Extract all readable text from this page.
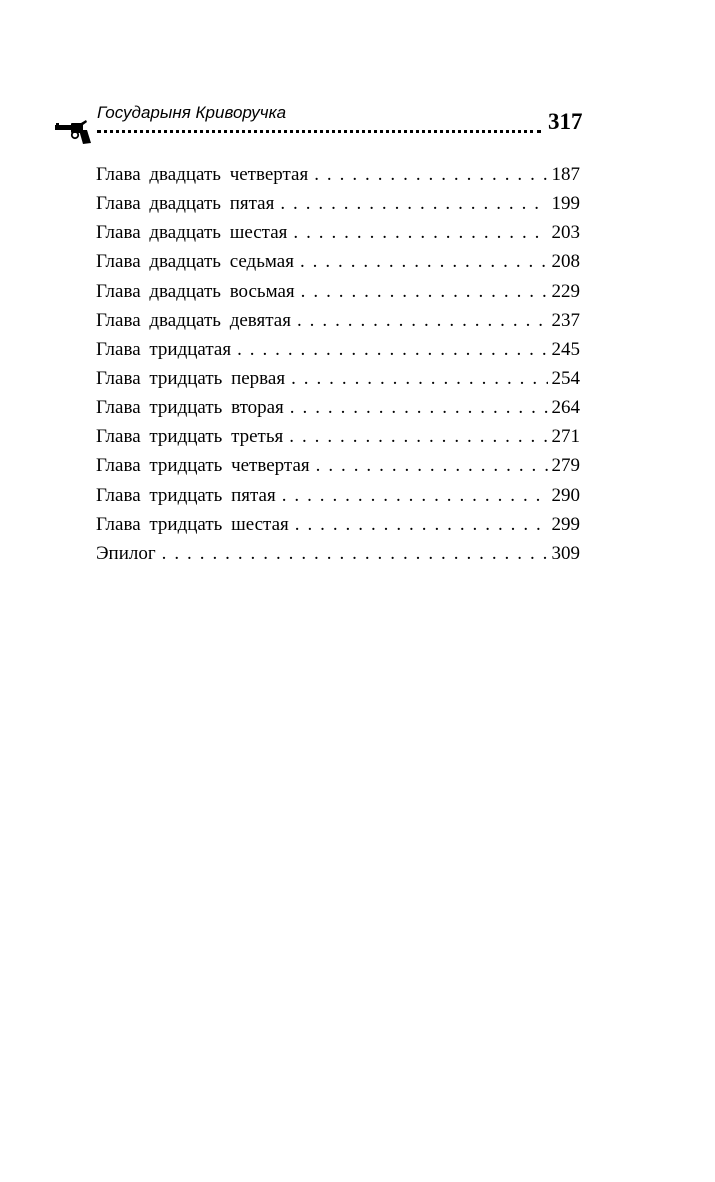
Государыня Криворучка	317
Глава двадцать четвертая . . .	187
Глава двадцать пятая . . .	199
Глава двадцать шестая . . .	203
Глава двадцать седьмая . . .	208
Глава двадцать восьмая . . .	229
Глава двадцать девятая . . .	237
Глава тридцатая . . .	245
Глава тридцать первая . . .	254
Глава тридцать вторая . . .	264
Глава тридцать третья . . .	271
Глава тридцать четвертая . . .	279
Глава тридцать пятая . . .	290
Глава тридцать шестая . . .	299
Эпилог . . .	309
